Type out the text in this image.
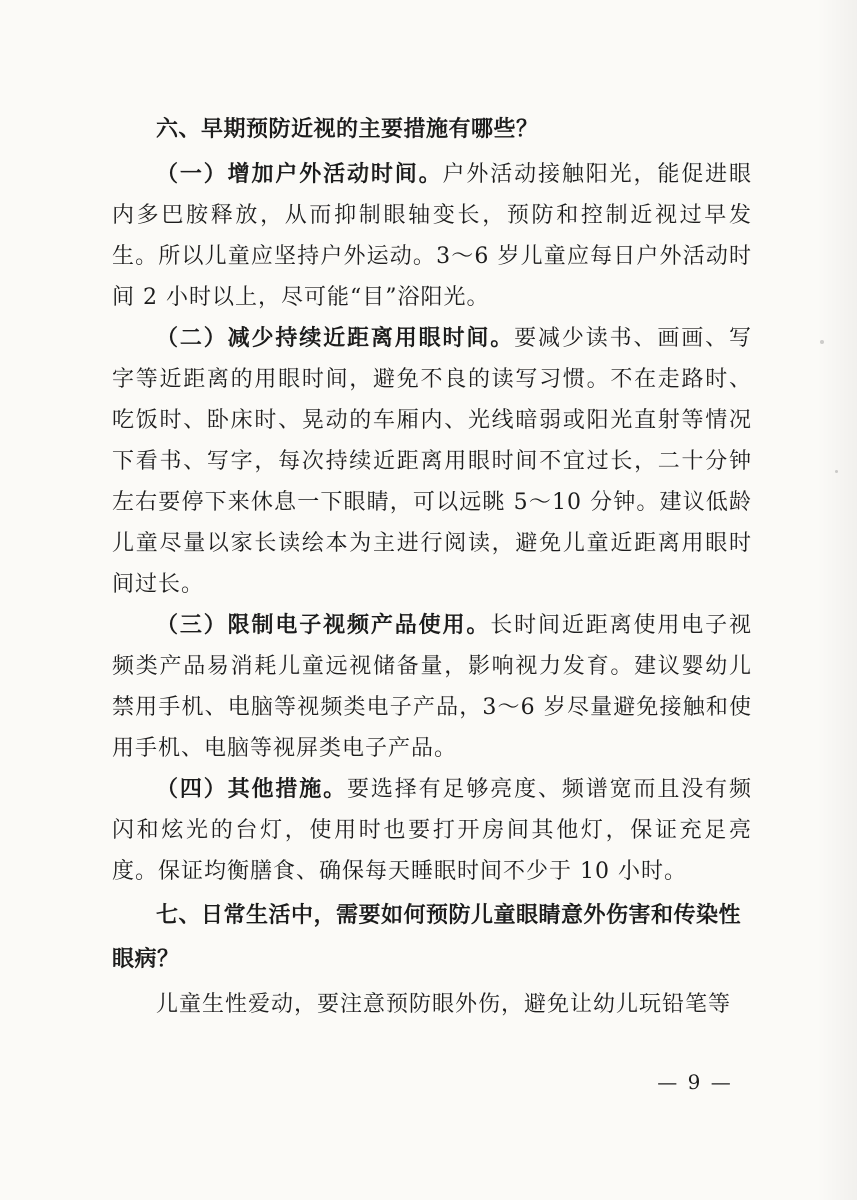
六、早期预防近视的主要措施有哪些？

（一）增加户外活动时间。户外活动接触阳光，能促进眼内多巴胺释放，从而抑制眼轴变长，预防和控制近视过早发生。所以儿童应坚持户外运动。3～6 岁儿童应每日户外活动时间 2 小时以上，尽可能“目”浴阳光。

（二）减少持续近距离用眼时间。要减少读书、画画、写字等近距离的用眼时间，避免不良的读写习惯。不在走路时、吃饭时、卧床时、晃动的车厢内、光线暗弱或阳光直射等情况下看书、写字，每次持续近距离用眼时间不宜过长，二十分钟左右要停下来休息一下眼睛，可以远眺 5～10 分钟。建议低龄儿童尽量以家长读绘本为主进行阅读，避免儿童近距离用眼时间过长。

（三）限制电子视频产品使用。长时间近距离使用电子视频类产品易消耗儿童远视储备量，影响视力发育。建议婴幼儿禁用手机、电脑等视频类电子产品，3～6 岁尽量避免接触和使用手机、电脑等视屏类电子产品。

（四）其他措施。要选择有足够亮度、频谱宽而且没有频闪和炫光的台灯，使用时也要打开房间其他灯，保证充足亮度。保证均衡膳食、确保每天睡眠时间不少于 10 小时。

七、日常生活中，需要如何预防儿童眼睛意外伤害和传染性眼病？

儿童生性爱动，要注意预防眼外伤，避免让幼儿玩铅笔等

— 9 —
